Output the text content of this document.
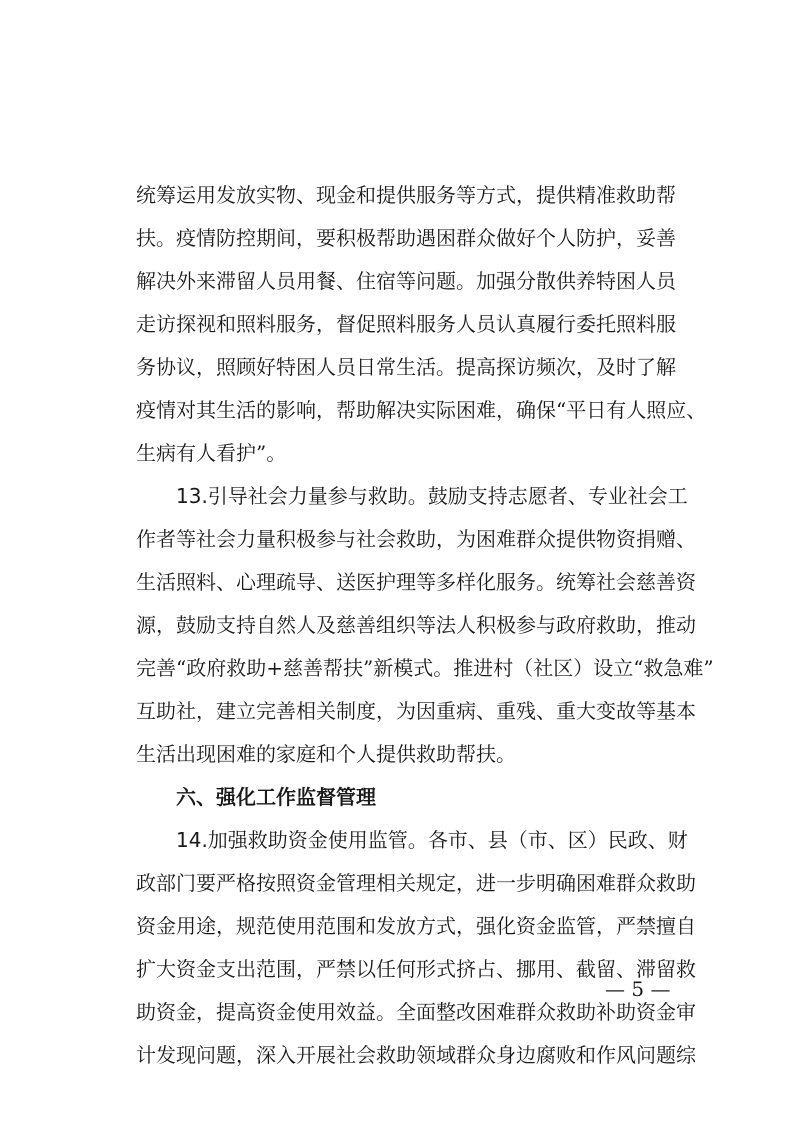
统筹运用发放实物、现金和提供服务等方式，提供精准救助帮
扶。疫情防控期间，要积极帮助遇困群众做好个人防护，妥善
解决外来滞留人员用餐、住宿等问题。加强分散供养特困人员
走访探视和照料服务，督促照料服务人员认真履行委托照料服
务协议，照顾好特困人员日常生活。提高探访频次，及时了解
疫情对其生活的影响，帮助解决实际困难，确保“平日有人照应、
生病有人看护”。
13.引导社会力量参与救助。鼓励支持志愿者、专业社会工
作者等社会力量积极参与社会救助，为困难群众提供物资捐赠、
生活照料、心理疏导、送医护理等多样化服务。统筹社会慈善资
源，鼓励支持自然人及慈善组织等法人积极参与政府救助，推动
完善“政府救助+慈善帮扶”新模式。推进村（社区）设立“救急难”
互助社，建立完善相关制度，为因重病、重残、重大变故等基本
生活出现困难的家庭和个人提供救助帮扶。
六、强化工作监督管理
14.加强救助资金使用监管。各市、县（市、区）民政、财
政部门要严格按照资金管理相关规定，进一步明确困难群众救助
资金用途，规范使用范围和发放方式，强化资金监管，严禁擅自
扩大资金支出范围，严禁以任何形式挤占、挪用、截留、滞留救
助资金，提高资金使用效益。全面整改困难群众救助补助资金审
计发现问题，深入开展社会救助领域群众身边腐败和作风问题综
— 5 —
